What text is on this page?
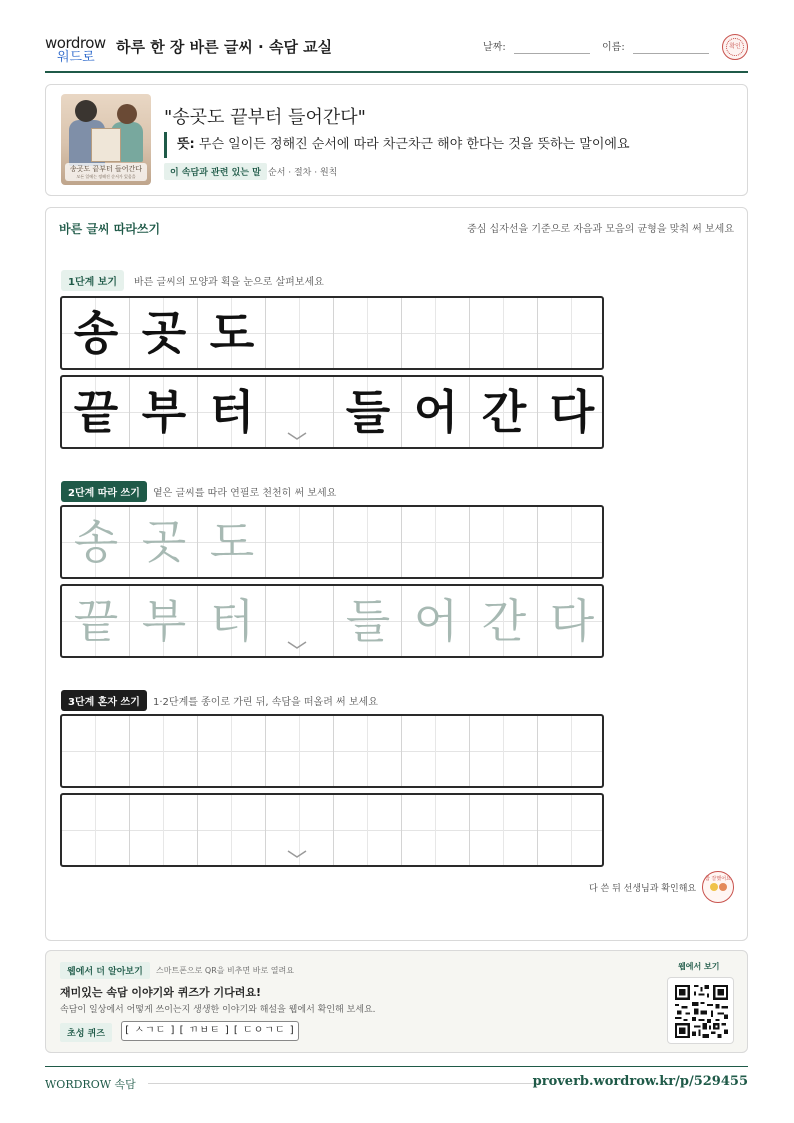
wordrow
워드로
하루 한 장 바른 글씨 · 속담 교실	날짜:	이름:	확인
송곳도 끝부터 들어간다
모든 일에는 정해진 순서가 있음을
"송곳도 끝부터 들어간다"
뜻: 무슨 일이든 정해진 순서에 따라 차근차근 해야 한다는 것을 뜻하는 말이에요
이 속담과 관련 있는 말 순서 · 절차 · 원칙
바른 글씨 따라쓰기	중심 십자선을 기준으로 자음과 모음의 균형을 맞춰 써 보세요
1단계 보기	바른 글씨의 모양과 획을 눈으로 살펴보세요
송 곳 도
끝 부 터 들 어 간 다
2단계 따라 쓰기	옅은 글씨를 따라 연필로 천천히 써 보세요
송 곳 도
끝 부 터 들 어 간 다
3단계 혼자 쓰기	1·2단계를 종이로 가린 뒤, 속담을 떠올려 써 보세요
다 쓴 뒤 선생님과 확인해요
참 잘했어요
웹에서 더 알아보기	스마트폰으로 QR을 비추면 바로 열려요
재미있는 속담 이야기와 퀴즈가 기다려요!
속담이 일상에서 어떻게 쓰이는지 생생한 이야기와 해설을 웹에서 확인해 보세요.
초성 퀴즈	[ ㅅㄱㄷ ] [ ㄲㅂㅌ ] [ ㄷㅇㄱㄷ ]
웹에서 보기
WORDROW 속담	proverb.wordrow.kr/p/529455
